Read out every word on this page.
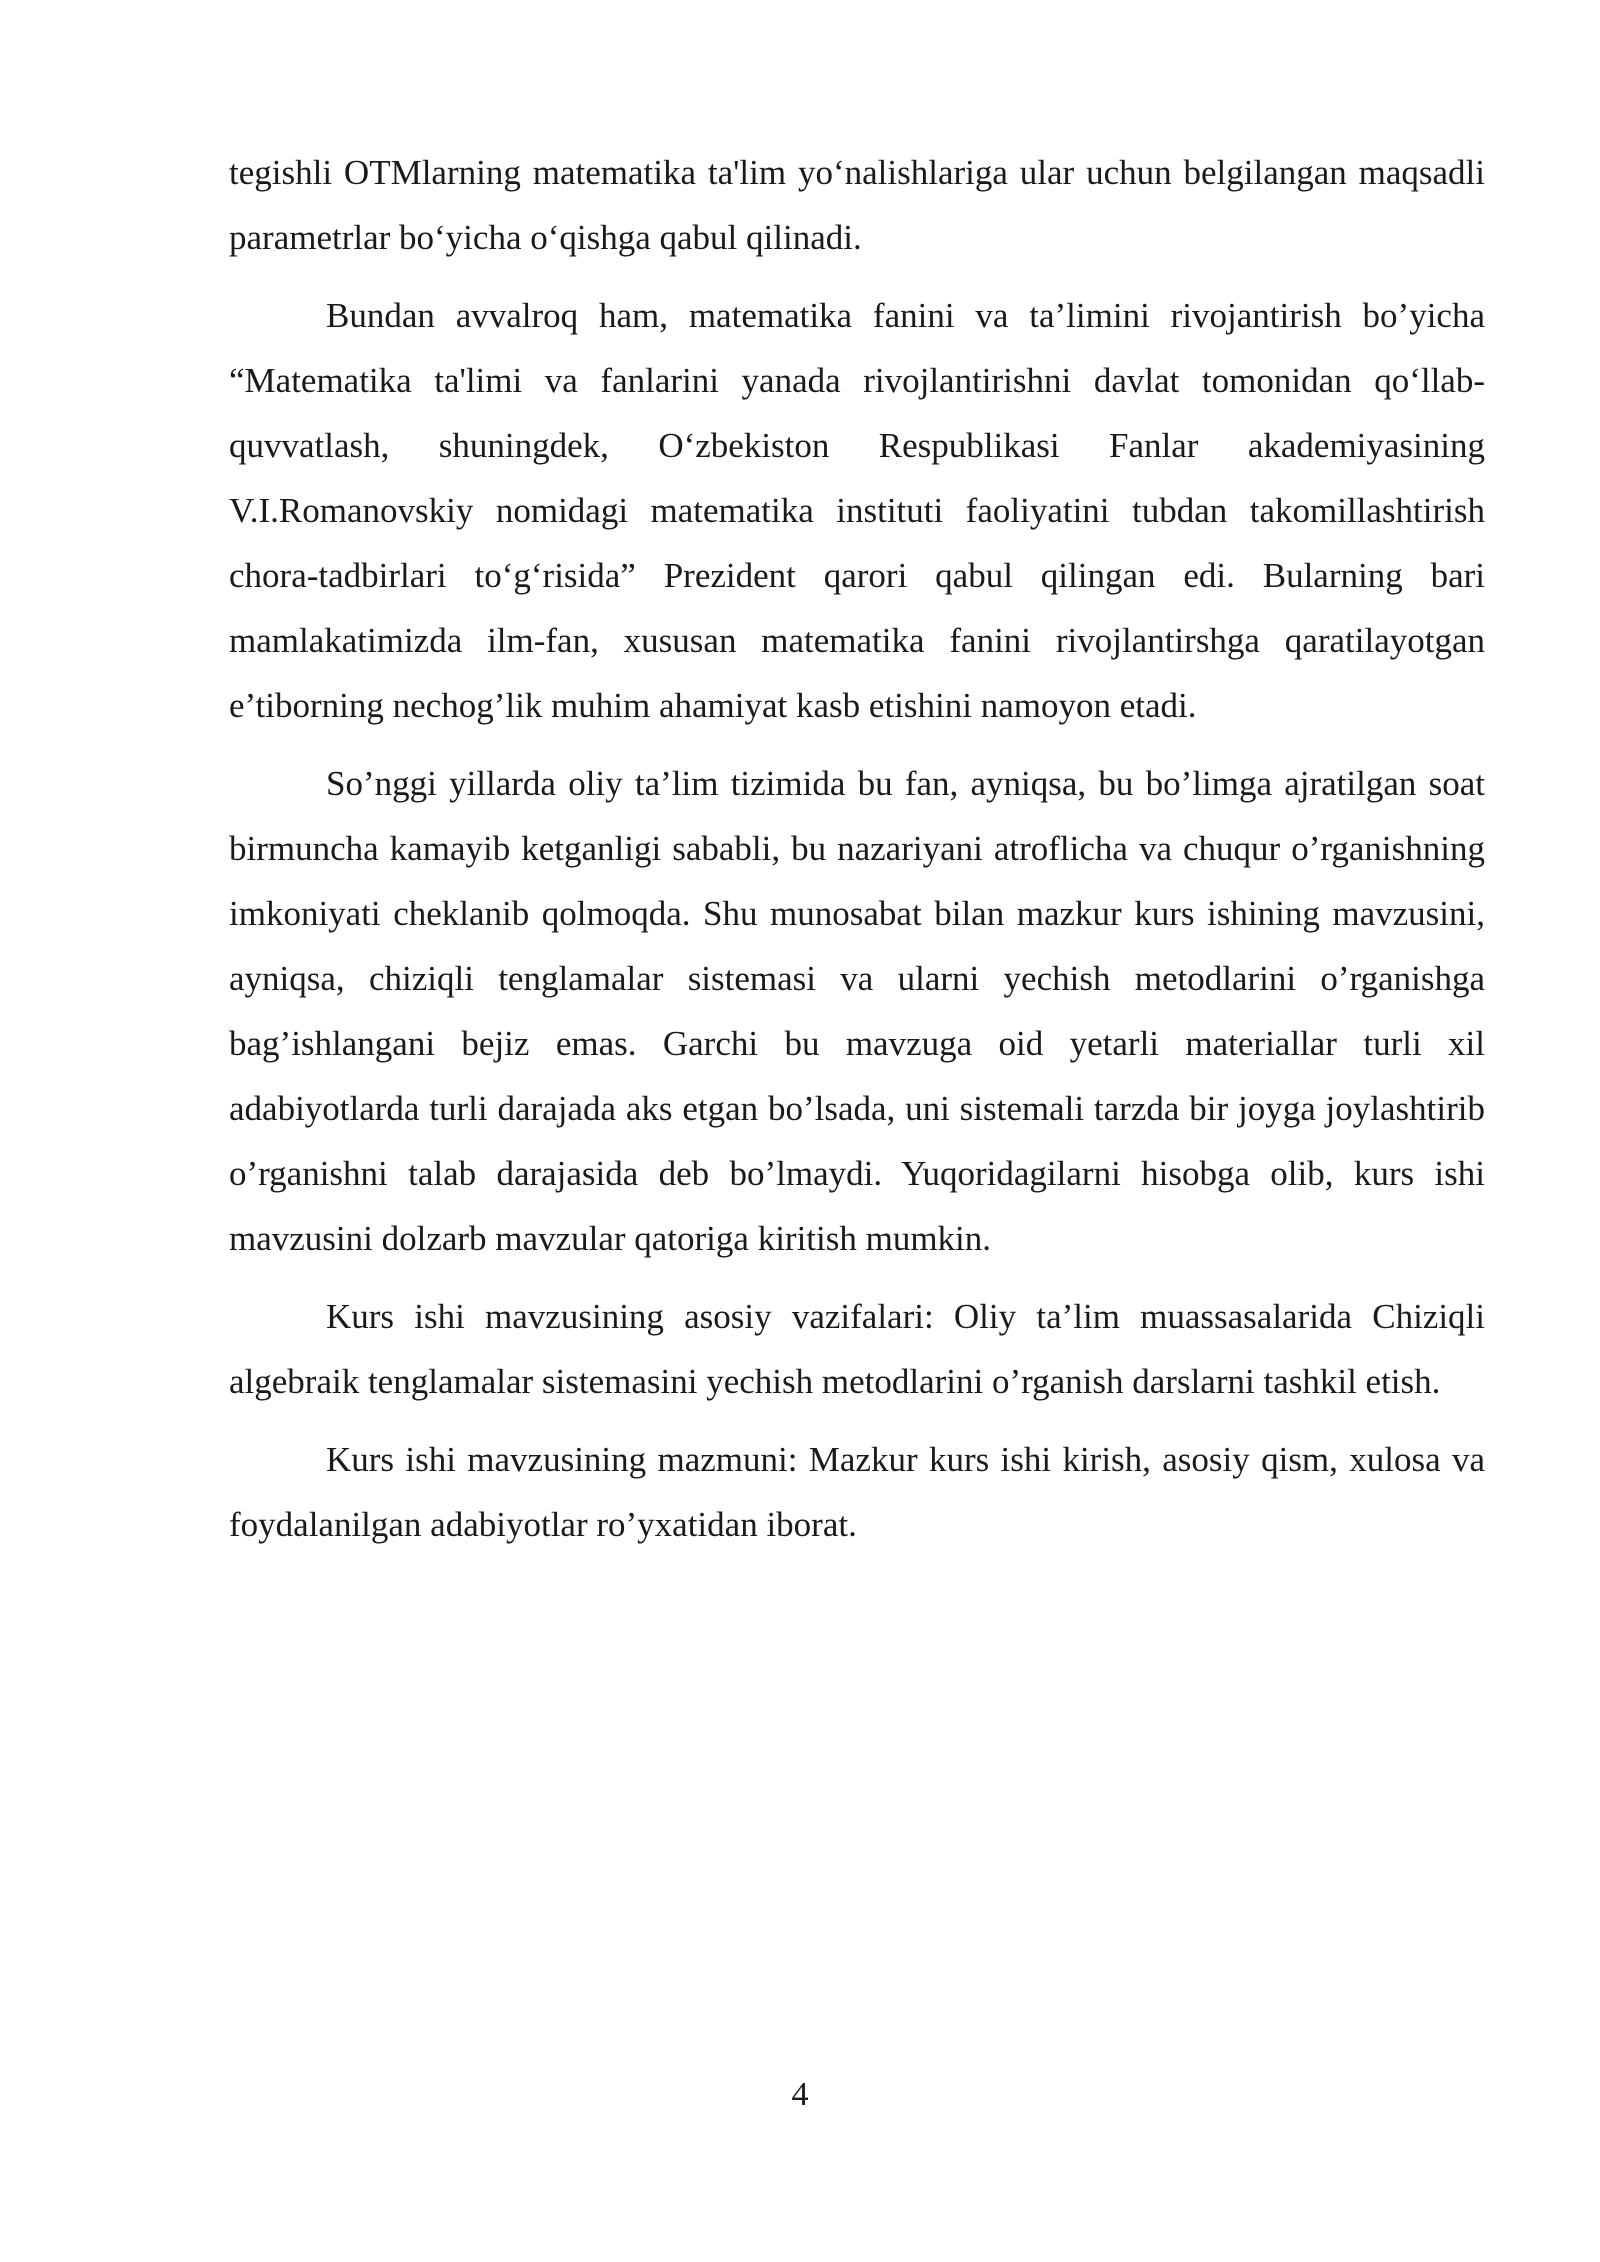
tegishli OTMlarning matematika ta'lim yo‘nalishlariga ular uchun belgilangan maqsadli parametrlar bo‘yicha o‘qishga qabul qilinadi.

Bundan avvalroq ham, matematika fanini va ta’limini rivojantirish bo’yicha “Matematika ta'limi va fanlarini yanada rivojlantirishni davlat tomonidan qo‘llab-quvvatlash, shuningdek, O‘zbekiston Respublikasi Fanlar akademiyasining V.I.Romanovskiy nomidagi matematika instituti faoliyatini tubdan takomillashtirish chora-tadbirlari to‘g‘risida” Prezident qarori qabul qilingan edi. Bularning bari mamlakatimizda ilm-fan, xususan matematika fanini rivojlantirshga qaratilayotgan e’tiborning nechog’lik muhim ahamiyat kasb etishini namoyon etadi.

So’nggi yillarda oliy ta’lim tizimida bu fan, ayniqsa, bu bo’limga ajratilgan soat birmuncha kamayib ketganligi sababli, bu nazariyani atroflicha va chuqur o’rganishning imkoniyati cheklanib qolmoqda. Shu munosabat bilan mazkur kurs ishining mavzusini, ayniqsa, chiziqli tenglamalar sistemasi va ularni yechish metodlarini o’rganishga bag’ishlangani bejiz emas. Garchi bu mavzuga oid yetarli materiallar turli xil adabiyotlarda turli darajada aks etgan bo’lsada, uni sistemali tarzda bir joyga joylashtirib o’rganishni talab darajasida deb bo’lmaydi. Yuqoridagilarni hisobga olib, kurs ishi mavzusini dolzarb mavzular qatoriga kiritish mumkin.

Kurs ishi mavzusining asosiy vazifalari: Oliy ta’lim muassasalarida Chiziqli algebraik tenglamalar sistemasini yechish metodlarini o’rganish darslarni tashkil etish.

Kurs ishi mavzusining mazmuni: Mazkur kurs ishi kirish, asosiy qism, xulosa va foydalanilgan adabiyotlar ro’yxatidan iborat.

4
